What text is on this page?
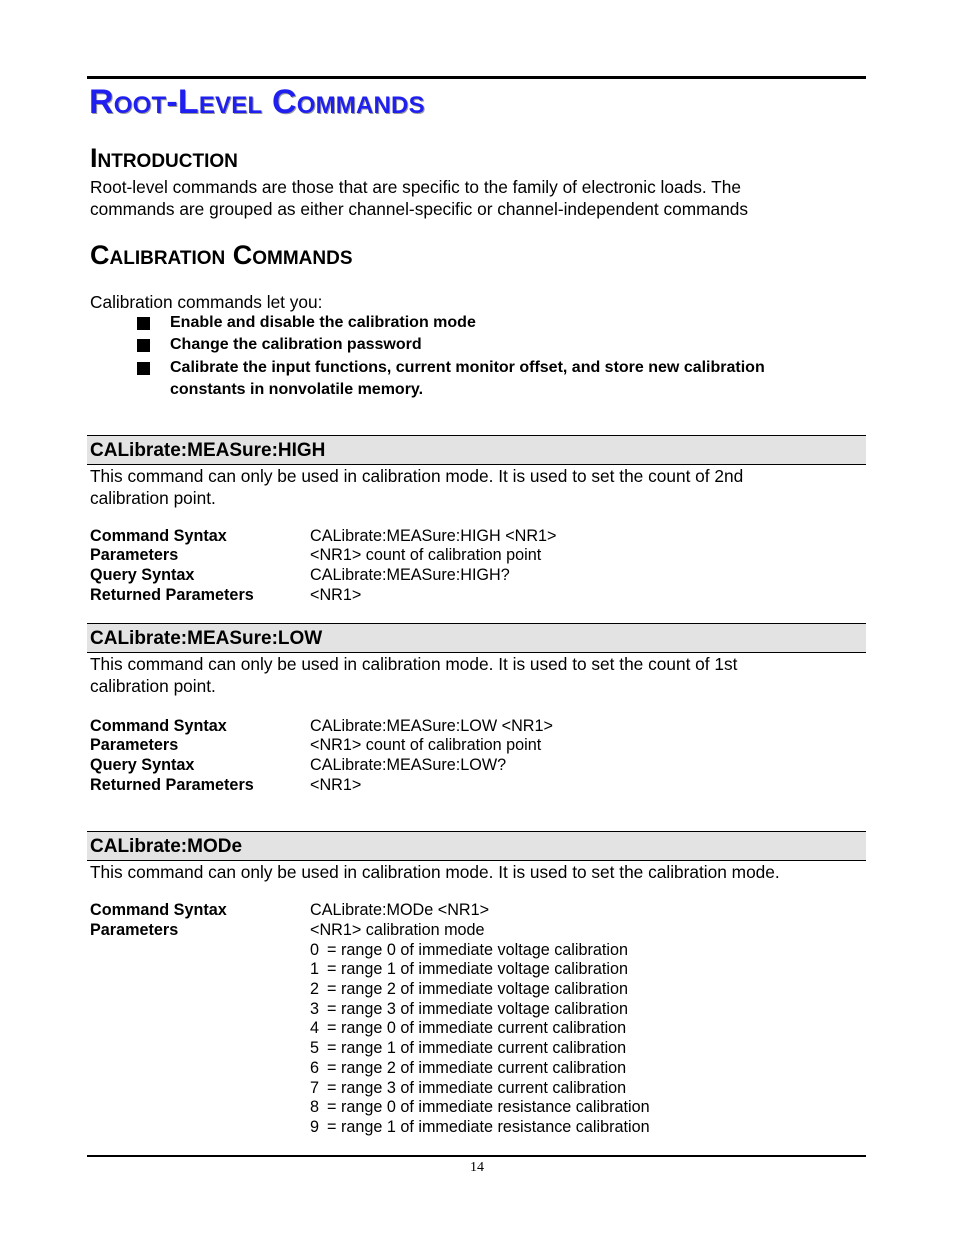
Root-Level Commands
Introduction

Root-level commands are those that are specific to the family of electronic loads. The

commands are grouped as either channel-specific or channel-independent commands

Calibration Commands

Calibration commands let you:

Enable and disable the calibration mode
Change the calibration password
Calibrate the input functions, current monitor offset, and store new calibration constants in nonvolatile memory.
CALibrate:MEASure:HIGH

This command can only be used in calibration mode. It is used to set the count of 2nd

calibration point.

Command Syntax	CALibrate:MEASure:HIGH <NR1>
Parameters	<NR1> count of calibration point
Query Syntax	CALibrate:MEASure:HIGH?
Returned Parameters	<NR1>
CALibrate:MEASure:LOW

This command can only be used in calibration mode. It is used to set the count of 1st

calibration point.

Command Syntax	CALibrate:MEASure:LOW <NR1>
Parameters	<NR1> count of calibration point
Query Syntax	CALibrate:MEASure:LOW?
Returned Parameters	<NR1>
CALibrate:MODe

This command can only be used in calibration mode. It is used to set the calibration mode.

Command Syntax	CALibrate:MODe <NR1>
Parameters	<NR1> calibration mode
0 = range 0 of immediate voltage calibration
1 = range 1 of immediate voltage calibration
2 = range 2 of immediate voltage calibration
3 = range 3 of immediate voltage calibration
4 = range 0 of immediate current calibration
5 = range 1 of immediate current calibration
6 = range 2 of immediate current calibration
7 = range 3 of immediate current calibration
8 = range 0 of immediate resistance calibration
9 = range 1 of immediate resistance calibration
14
